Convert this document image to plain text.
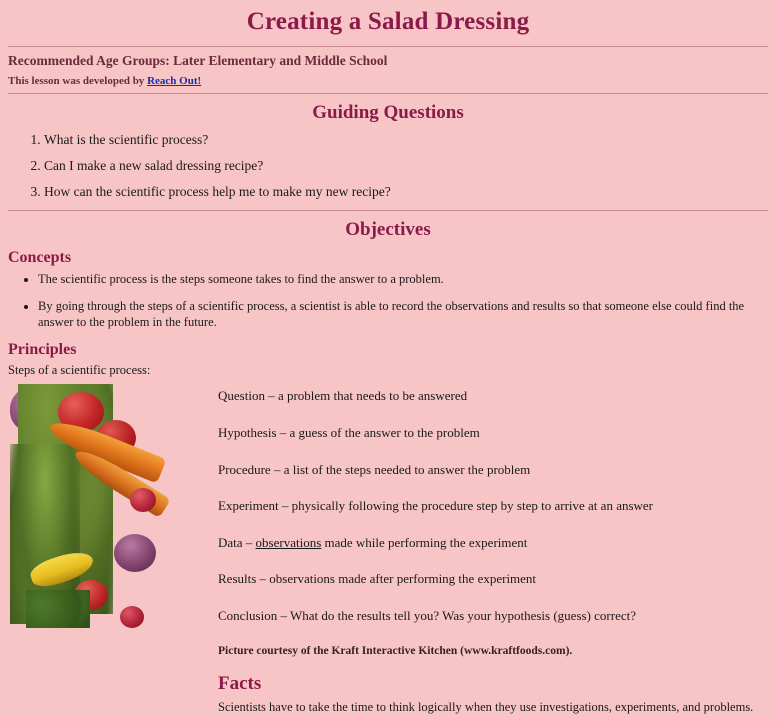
Creating a Salad Dressing
Recommended Age Groups: Later Elementary and Middle School
This lesson was developed by Reach Out!
Guiding Questions
1. What is the scientific process?
2. Can I make a new salad dressing recipe?
3. How can the scientific process help me to make my new recipe?
Objectives
Concepts
• The scientific process is the steps someone takes to find the answer to a problem.
• By going through the steps of a scientific process, a scientist is able to record the observations and results so that someone else could find the answer to the problem in the future.
Principles
Steps of a scientific process:
Question – a problem that needs to be answered
Hypothesis – a guess of the answer to the problem
Procedure – a list of the steps needed to answer the problem
Experiment – physically following the procedure step by step to arrive at an answer
Data – observations made while performing the experiment
Results – observations made after performing the experiment
Conclusion – What do the results tell you? Was your hypothesis (guess) correct?
Picture courtesy of the Kraft Interactive Kitchen (www.kraftfoods.com).
Facts
Scientists have to take the time to think logically when they use investigations, experiments, and problems.
